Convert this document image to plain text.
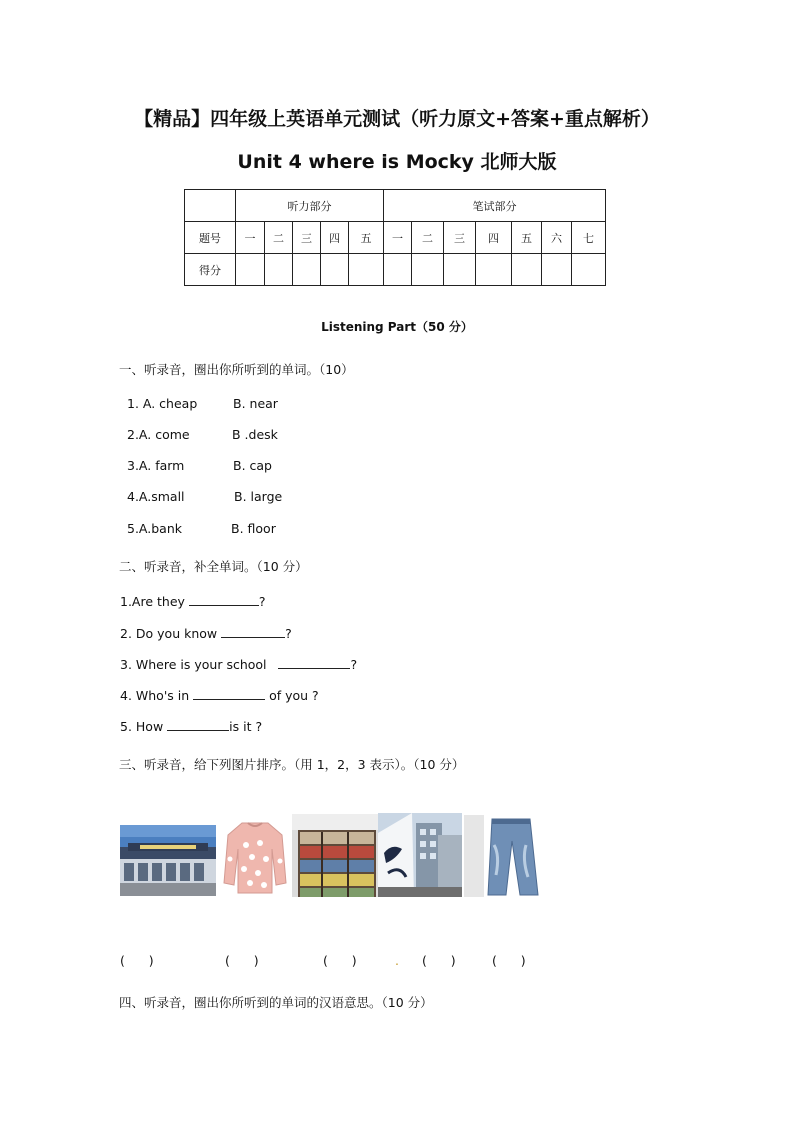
【精品】四年级上英语单元测试（听力原文+答案+重点解析）
Unit 4 where is Mocky 北师大版
	听力部分					笔试部分						
题号	一	二	三	四	五	一	二	三	四	五	六	七
得分												
Listening Part（50 分）
一、听录音，圈出你所听到的单词。（10）
1. A. cheap	B. near
2.A. come	B .desk
3.A. farm	B. cap
4.A.small	B. large
5.A.bank	B. floor
二、听录音，补全单词。（10 分）
1.Are they	?
2. Do you know	?
3. Where is your school	?
4. Who's in	of you ?
5. How	is it ?
三、听录音，给下列图片排序。（用 1，2，3 表示）。（10 分）
(      )	(      )	(      )	. (      )	(      )
四、听录音，圈出你所听到的单词的汉语意思。（10 分）
